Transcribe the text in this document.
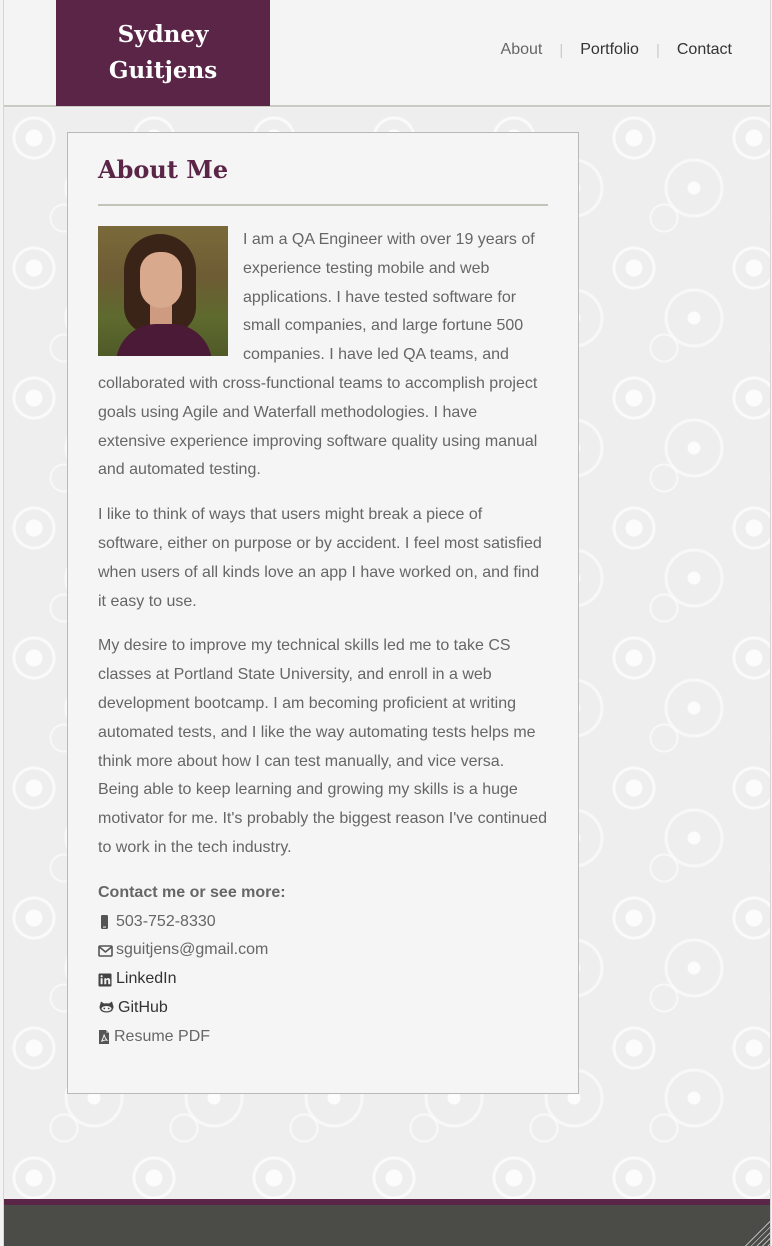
Sydney
Guitjens
About | Portfolio | Contact
About Me

I am a QA Engineer with over 19 years of experience testing mobile and web applications. I have tested software for small companies, and large fortune 500 companies. I have led QA teams, and collaborated with cross-functional teams to accomplish project goals using Agile and Waterfall methodologies. I have extensive experience improving software quality using manual and automated testing.

I like to think of ways that users might break a piece of software, either on purpose or by accident. I feel most satisfied when users of all kinds love an app I have worked on, and find it easy to use.

My desire to improve my technical skills led me to take CS classes at Portland State University, and enroll in a web development bootcamp. I am becoming proficient at writing automated tests, and I like the way automating tests helps me think more about how I can test manually, and vice versa. Being able to keep learning and growing my skills is a huge motivator for me. It's probably the biggest reason I've continued to work in the tech industry.

Contact me or see more:
503-752-8330
sguitjens@gmail.com
LinkedIn
GitHub
Resume PDF
